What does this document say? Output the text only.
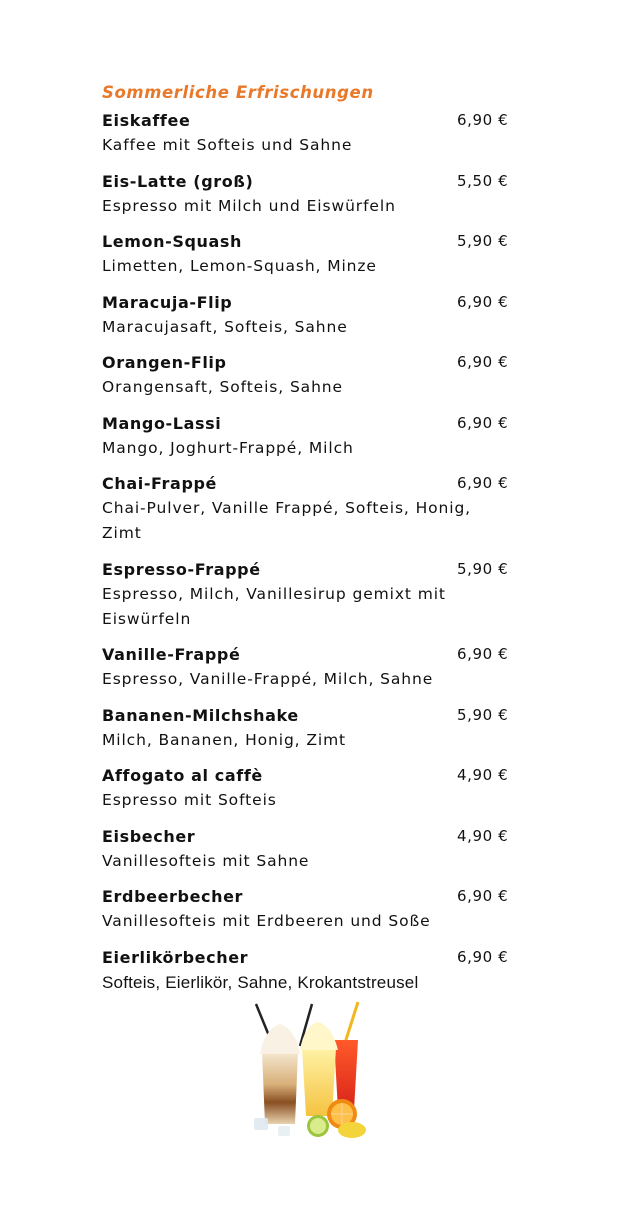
Sommerliche Erfrischungen
Eiskaffee	6,90 €
Kaffee mit Softeis und Sahne
Eis-Latte (groß)	5,50 €
Espresso mit Milch und Eiswürfeln
Lemon-Squash	5,90 €
Limetten, Lemon-Squash, Minze
Maracuja-Flip	6,90 €
Maracujasaft, Softeis, Sahne
Orangen-Flip	6,90 €
Orangensaft, Softeis, Sahne
Mango-Lassi	6,90 €
Mango, Joghurt-Frappé, Milch
Chai-Frappé	6,90 €
Chai-Pulver, Vanille Frappé, Softeis, Honig, Zimt
Espresso-Frappé	5,90 €
Espresso, Milch, Vanillesirup gemixt mit Eiswürfeln
Vanille-Frappé	6,90 €
Espresso, Vanille-Frappé, Milch, Sahne
Bananen-Milchshake	5,90 €
Milch, Bananen, Honig, Zimt
Affogato al caffè	4,90 €
Espresso mit Softeis
Eisbecher	4,90 €
Vanillesofteis mit Sahne
Erdbeerbecher	6,90 €
Vanillesofteis mit Erdbeeren und Soße
Eierlikörbecher	6,90 €
Softeis, Eierlikör, Sahne, Krokantstreusel
